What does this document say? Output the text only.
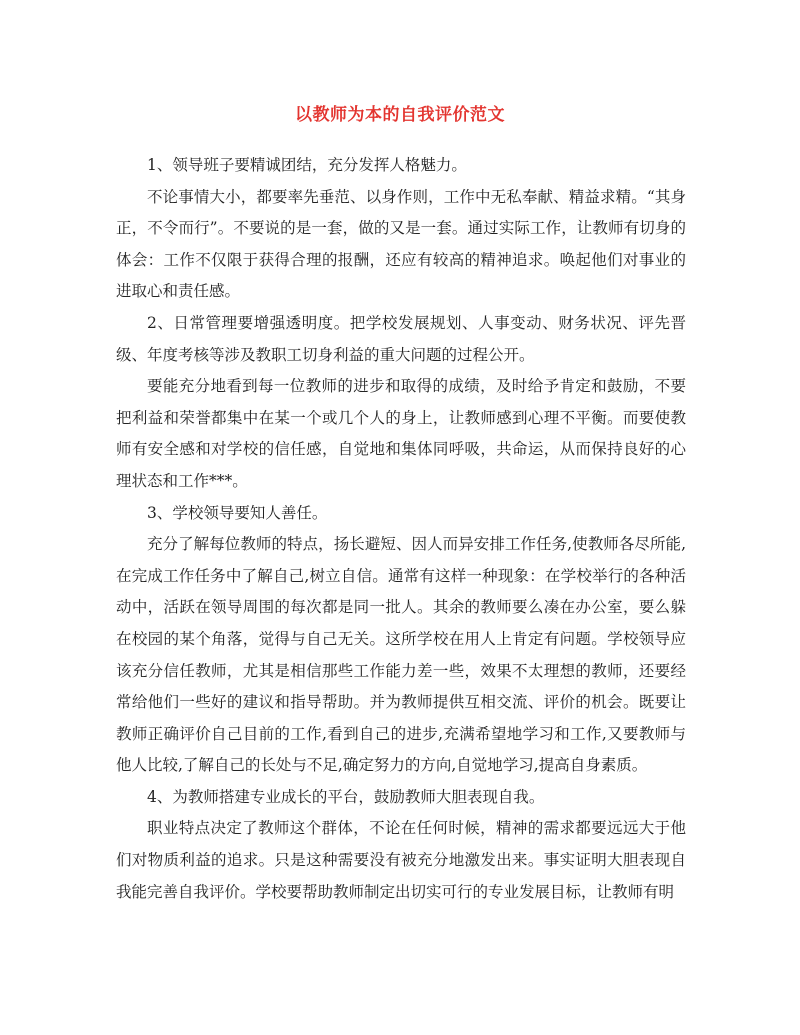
以教师为本的自我评价范文

1、领导班子要精诚团结，充分发挥人格魅力。

不论事情大小，都要率先垂范、以身作则，工作中无私奉献、精益求精。“其身正，不令而行”。不要说的是一套，做的又是一套。通过实际工作，让教师有切身的体会：工作不仅限于获得合理的报酬，还应有较高的精神追求。唤起他们对事业的进取心和责任感。

2、日常管理要增强透明度。把学校发展规划、人事变动、财务状况、评先晋级、年度考核等涉及教职工切身利益的重大问题的过程公开。

要能充分地看到每一位教师的进步和取得的成绩，及时给予肯定和鼓励，不要把利益和荣誉都集中在某一个或几个人的身上，让教师感到心理不平衡。而要使教师有安全感和对学校的信任感，自觉地和集体同呼吸，共命运，从而保持良好的心理状态和工作***。

3、学校领导要知人善任。

充分了解每位教师的特点，扬长避短、因人而异安排工作任务,使教师各尽所能,在完成工作任务中了解自己,树立自信。通常有这样一种现象：在学校举行的各种活动中，活跃在领导周围的每次都是同一批人。其余的教师要么凑在办公室，要么躲在校园的某个角落，觉得与自己无关。这所学校在用人上肯定有问题。学校领导应该充分信任教师，尤其是相信那些工作能力差一些，效果不太理想的教师，还要经常给他们一些好的建议和指导帮助。并为教师提供互相交流、评价的机会。既要让教师正确评价自己目前的工作,看到自己的进步,充满希望地学习和工作,又要教师与他人比较,了解自己的长处与不足,确定努力的方向,自觉地学习,提高自身素质。

4、为教师搭建专业成长的平台，鼓励教师大胆表现自我。

职业特点决定了教师这个群体，不论在任何时候，精神的需求都要远远大于他们对物质利益的追求。只是这种需要没有被充分地激发出来。事实证明大胆表现自我能完善自我评价。学校要帮助教师制定出切实可行的专业发展目标，让教师有明
